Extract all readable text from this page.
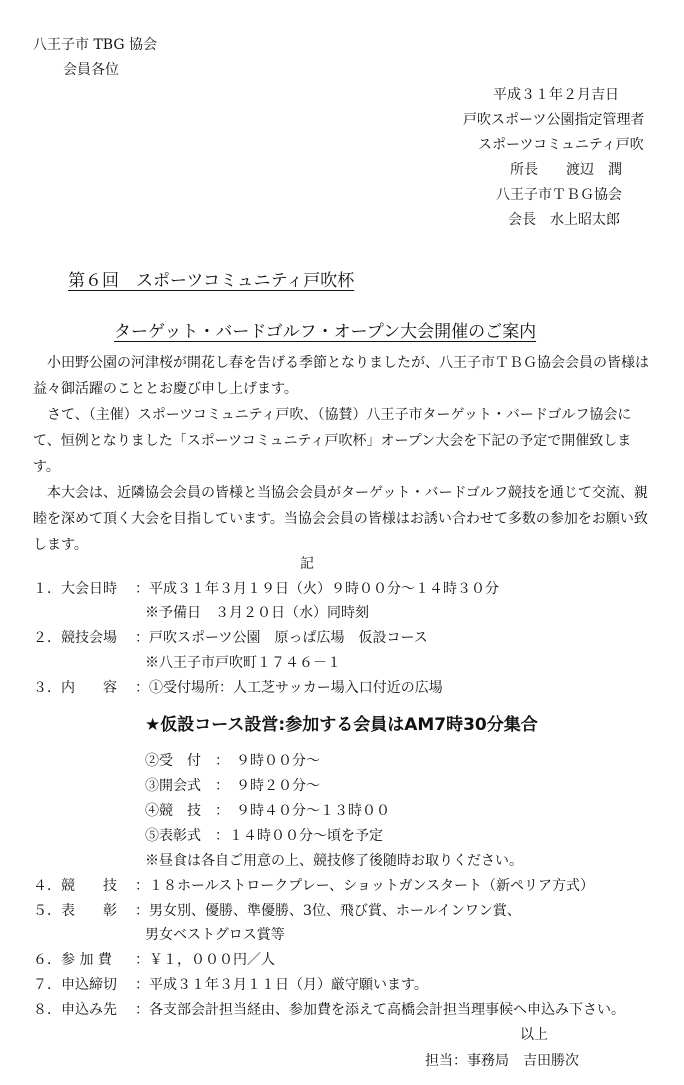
八王子市 TBG 協会
会員各位
平成３１年２月吉日
戸吹スポーツ公園指定管理者
スポーツコミュニティ戸吹
所長　　渡辺　潤
八王子市ＴＢＧ協会
会長　水上昭太郎
第６回　スポーツコミュニティ戸吹杯
ターゲット・バードゴルフ・オープン大会開催のご案内
小田野公園の河津桜が開花し春を告げる季節となりましたが、八王子市ＴＢＧ協会会員の皆様は益々御活躍のこととお慶び申し上げます。
さて、（主催）スポーツコミュニティ戸吹、（協賛）八王子市ターゲット・バードゴルフ協会にて、恒例となりました「スポーツコミュニティ戸吹杯」オープン大会を下記の予定で開催致します。
本大会は、近隣協会会員の皆様と当協会会員がターゲット・バードゴルフ競技を通じて交流、親睦を深めて頂く大会を目指しています。当協会会員の皆様はお誘い合わせて多数の参加をお願い致します。
記
１．大会日時 ：平成３１年３月１９日（火）９時００分～１４時３０分
※予備日　３月２０日（水）同時刻
２．競技会場 ：戸吹スポーツ公園　原っぱ広場　仮設コース
※八王子市戸吹町１７４６－１
３．内　　容 ：①受付場所：人工芝サッカー場入口付近の広場
★仮設コース設営:参加する会員はAM7時30分集合
②受　付　：　９時００分～
③開会式　：　９時２０分～
④競　技　：　９時４０分～１３時００
⑤表彰式　：１４時００分～頃を予定
※昼食は各自ご用意の上、競技修了後随時お取りください。
４．競　　技 ：１８ホールストロークプレー、ショットガンスタート（新ペリア方式）
５．表　　彰 ：男女別、優勝、準優勝、3位、飛び賞、ホールインワン賞、
男女ベストグロス賞等
６．参 加 費 ：￥１，０００円／人
７．申込締切 ：平成３１年３月１１日（月）厳守願います。
８．申込み先 ：各支部会計担当経由、参加費を添えて高橋会計担当理事候へ申込み下さい。
以上
担当：事務局　吉田勝次
